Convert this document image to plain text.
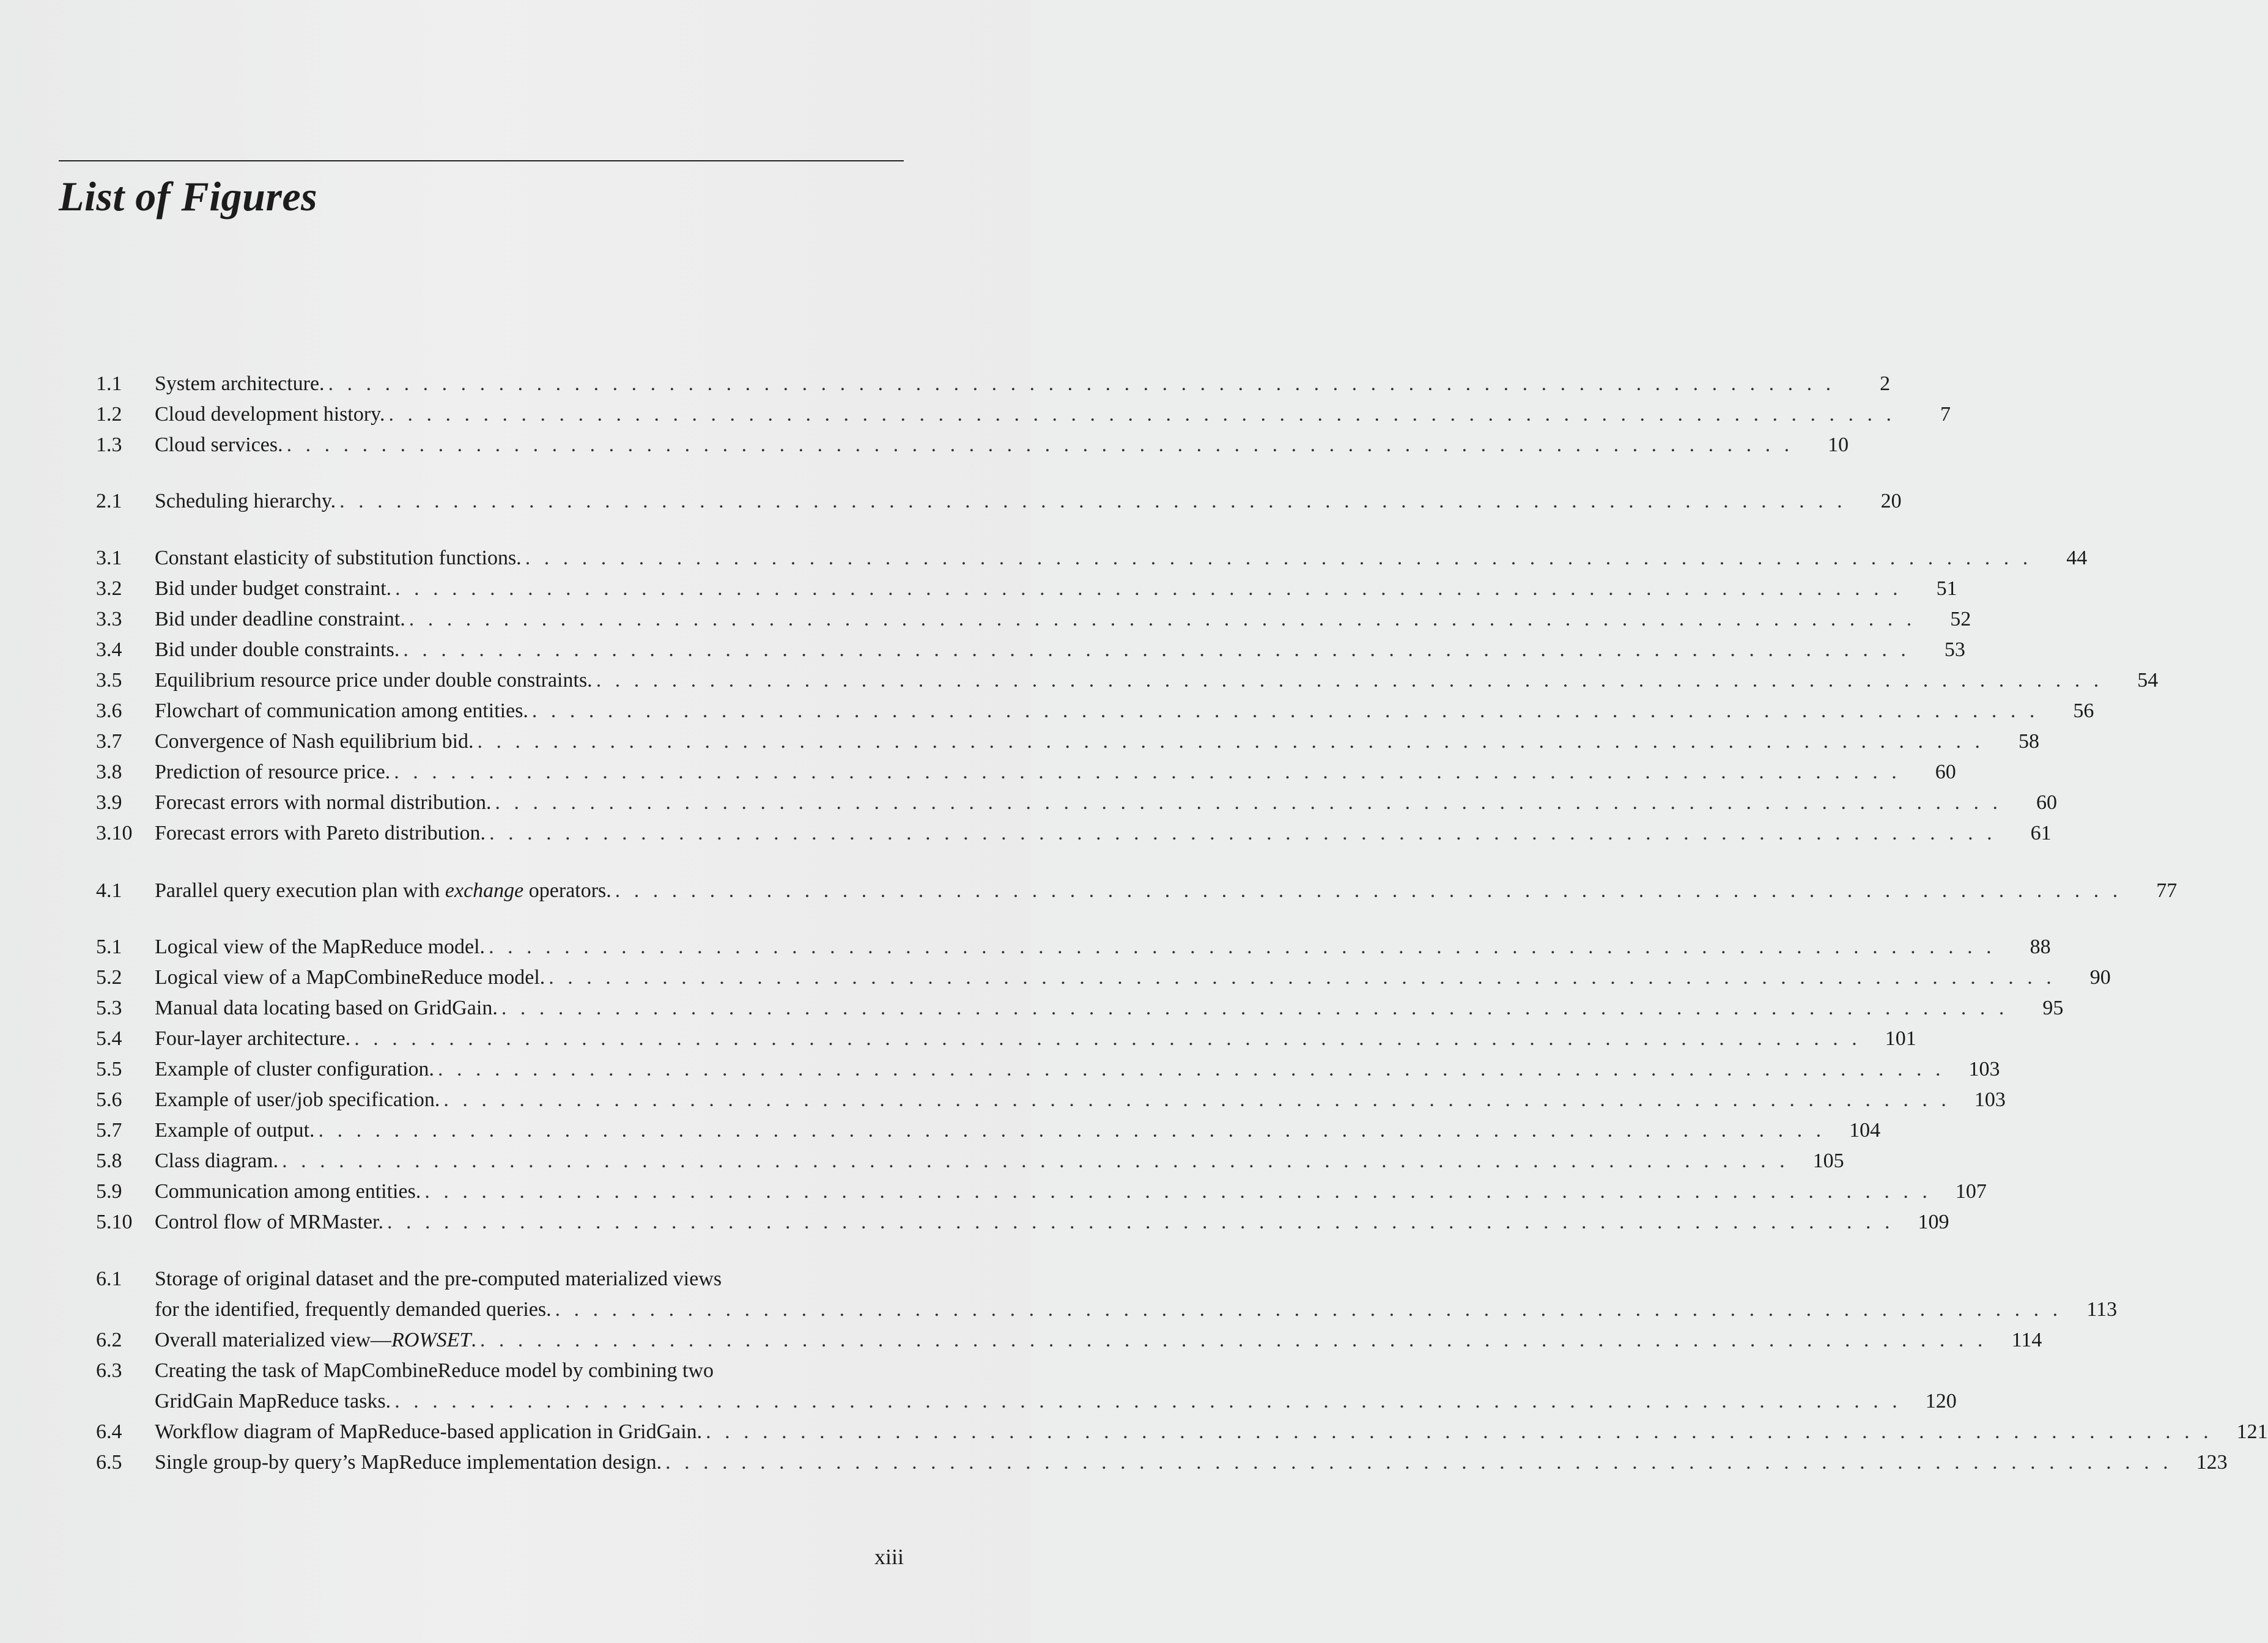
List of Figures
1.1 System architecture. . . . . . . . . . . . . . . . . . . . . . . . . . . . . . . . . . . . . . . . . . . . . . . . . . . . . . . . . . . . . . . . . . . . . . . . . . . . . . . . .	2
1.2 Cloud development history. . . . . . . . . . . . . . . . . . . . . . . . . . . . . . . . . . . . . . . . . . . . . . . . . . . . . . . . . . . . . . . . . . . . . . . . . . . . . . . . .	7
1.3 Cloud services. . . . . . . . . . . . . . . . . . . . . . . . . . . . . . . . . . . . . . . . . . . . . . . . . . . . . . . . . . . . . . . . . . . . . . . . . . . . . . . . .	10
2.1 Scheduling hierarchy. . . . . . . . . . . . . . . . . . . . . . . . . . . . . . . . . . . . . . . . . . . . . . . . . . . . . . . . . . . . . . . . . . . . . . . . . . . . . . . . .	20
3.1 Constant elasticity of substitution functions. . . . . . . . . . . . . . . . . . . . . . . . . . . . . . . . . . . . . . . . . . . . . . . . . . . . . . . . . . . . . . . . . . . . . . . . . . . . . . . . .	44
3.2 Bid under budget constraint. . . . . . . . . . . . . . . . . . . . . . . . . . . . . . . . . . . . . . . . . . . . . . . . . . . . . . . . . . . . . . . . . . . . . . . . . . . . . . . . .	51
3.3 Bid under deadline constraint. . . . . . . . . . . . . . . . . . . . . . . . . . . . . . . . . . . . . . . . . . . . . . . . . . . . . . . . . . . . . . . . . . . . . . . . . . . . . . . . .	52
3.4 Bid under double constraints. . . . . . . . . . . . . . . . . . . . . . . . . . . . . . . . . . . . . . . . . . . . . . . . . . . . . . . . . . . . . . . . . . . . . . . . . . . . . . . . .	53
3.5 Equilibrium resource price under double constraints. . . . . . . . . . . . . . . . . . . . . . . . . . . . . . . . . . . . . . . . . . . . . . . . . . . . . . . . . . . . . . . . . . . . . . . . . . . . . . . . .	54
3.6 Flowchart of communication among entities. . . . . . . . . . . . . . . . . . . . . . . . . . . . . . . . . . . . . . . . . . . . . . . . . . . . . . . . . . . . . . . . . . . . . . . . . . . . . . . . .	56
3.7 Convergence of Nash equilibrium bid. . . . . . . . . . . . . . . . . . . . . . . . . . . . . . . . . . . . . . . . . . . . . . . . . . . . . . . . . . . . . . . . . . . . . . . . . . . . . . . . .	58
3.8 Prediction of resource price. . . . . . . . . . . . . . . . . . . . . . . . . . . . . . . . . . . . . . . . . . . . . . . . . . . . . . . . . . . . . . . . . . . . . . . . . . . . . . . . .	60
3.9 Forecast errors with normal distribution. . . . . . . . . . . . . . . . . . . . . . . . . . . . . . . . . . . . . . . . . . . . . . . . . . . . . . . . . . . . . . . . . . . . . . . . . . . . . . . . .	60
3.10 Forecast errors with Pareto distribution. . . . . . . . . . . . . . . . . . . . . . . . . . . . . . . . . . . . . . . . . . . . . . . . . . . . . . . . . . . . . . . . . . . . . . . . . . . . . . . . .	61
4.1 Parallel query execution plan with exchange operators. . . . . . . . . . . . . . . . . . . . . . . . . . . . . . . . . . . . . . . . . . . . . . . . . . . . . . . . . . . . . . . . . . . . . . . . . . . . . . . . .	77
5.1 Logical view of the MapReduce model. . . . . . . . . . . . . . . . . . . . . . . . . . . . . . . . . . . . . . . . . . . . . . . . . . . . . . . . . . . . . . . . . . . . . . . . . . . . . . . . .	88
5.2 Logical view of a MapCombineReduce model. . . . . . . . . . . . . . . . . . . . . . . . . . . . . . . . . . . . . . . . . . . . . . . . . . . . . . . . . . . . . . . . . . . . . . . . . . . . . . . . .	90
5.3 Manual data locating based on GridGain. . . . . . . . . . . . . . . . . . . . . . . . . . . . . . . . . . . . . . . . . . . . . . . . . . . . . . . . . . . . . . . . . . . . . . . . . . . . . . . . .	95
5.4 Four-layer architecture. . . . . . . . . . . . . . . . . . . . . . . . . . . . . . . . . . . . . . . . . . . . . . . . . . . . . . . . . . . . . . . . . . . . . . . . . . . . . . . . .	101
5.5 Example of cluster configuration. . . . . . . . . . . . . . . . . . . . . . . . . . . . . . . . . . . . . . . . . . . . . . . . . . . . . . . . . . . . . . . . . . . . . . . . . . . . . . . . .	103
5.6 Example of user/job specification. . . . . . . . . . . . . . . . . . . . . . . . . . . . . . . . . . . . . . . . . . . . . . . . . . . . . . . . . . . . . . . . . . . . . . . . . . . . . . . . .	103
5.7 Example of output. . . . . . . . . . . . . . . . . . . . . . . . . . . . . . . . . . . . . . . . . . . . . . . . . . . . . . . . . . . . . . . . . . . . . . . . . . . . . . . . .	104
5.8 Class diagram. . . . . . . . . . . . . . . . . . . . . . . . . . . . . . . . . . . . . . . . . . . . . . . . . . . . . . . . . . . . . . . . . . . . . . . . . . . . . . . . .	105
5.9 Communication among entities. . . . . . . . . . . . . . . . . . . . . . . . . . . . . . . . . . . . . . . . . . . . . . . . . . . . . . . . . . . . . . . . . . . . . . . . . . . . . . . . .	107
5.10 Control flow of MRMaster. . . . . . . . . . . . . . . . . . . . . . . . . . . . . . . . . . . . . . . . . . . . . . . . . . . . . . . . . . . . . . . . . . . . . . . . . . . . . . . . .	109
6.1 Storage of original dataset and the pre-computed materialized views
for the identified, frequently demanded queries. . . . . . . . . . . . . . . . . . . . . . . . . . . . . . . . . . . . . . . . . . . . . . . . . . . . . . . . . . . . . . . . . . . . . . . . . . . . . . . . .	113
6.2 Overall materialized view—ROWSET. . . . . . . . . . . . . . . . . . . . . . . . . . . . . . . . . . . . . . . . . . . . . . . . . . . . . . . . . . . . . . . . . . . . . . . . . . . . . . . . .	114
6.3 Creating the task of MapCombineReduce model by combining two
GridGain MapReduce tasks. . . . . . . . . . . . . . . . . . . . . . . . . . . . . . . . . . . . . . . . . . . . . . . . . . . . . . . . . . . . . . . . . . . . . . . . . . . . . . . . .	120
6.4 Workflow diagram of MapReduce-based application in GridGain. . . . . . . . . . . . . . . . . . . . . . . . . . . . . . . . . . . . . . . . . . . . . . . . . . . . . . . . . . . . . . . . . . . . . . . . . . . . . . . . .	121
6.5 Single group-by query’s MapReduce implementation design. . . . . . . . . . . . . . . . . . . . . . . . . . . . . . . . . . . . . . . . . . . . . . . . . . . . . . . . . . . . . . . . . . . . . . . . . . . . . . . . .	123
xiii
